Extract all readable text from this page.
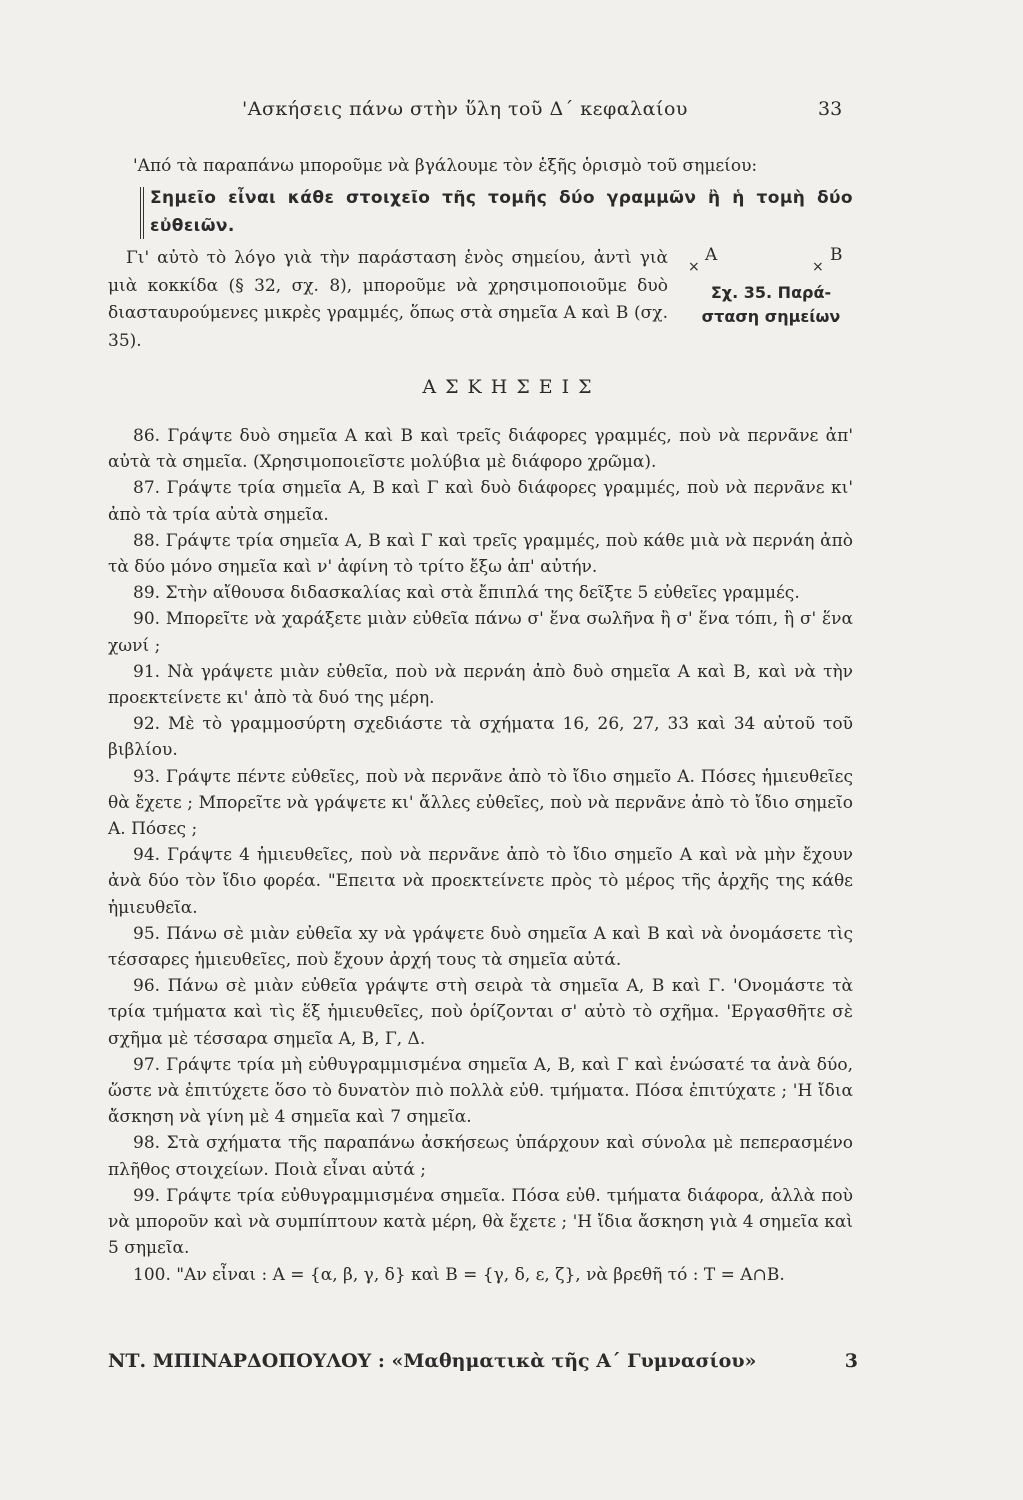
'Ασκήσεις πάνω στὴν ὕλη τοῦ Δ΄ κεφαλαίου	33
'Από τὰ παραπάνω μποροῦμε νὰ βγάλουμε τὸν ἑξῆς ὁρισμὸ τοῦ σημείου:
Σημεῖο εἶναι κάθε στοιχεῖο τῆς τομῆς δύο γραμμῶν ἢ ἡ τομὴ δύο εὐθειῶν.
Γι' αὐτὸ τὸ λόγο γιὰ τὴν παράσταση ἑνὸς σημείου, ἀντὶ γιὰ μιὰ κοκκίδα (§ 32, σχ. 8), μποροῦμε νὰ χρησιμοποιοῦμε δυὸ διασταυρούμενες μικρὲς γραμμές, ὅπως στὰ σημεῖα Α καὶ Β (σχ. 35).
×
Α
×
Β
Σχ. 35. Παρά-
σταση σημείων
ΑΣΚΗΣΕΙΣ

86. Γράψτε δυὸ σημεῖα Α καὶ Β καὶ τρεῖς διάφορες γραμμές, ποὺ νὰ περνᾶνε ἀπ' αὐτὰ τὰ σημεῖα. (Χρησιμοποιεῖστε μολύβια μὲ διάφορο χρῶμα).

87. Γράψτε τρία σημεῖα Α, Β καὶ Γ καὶ δυὸ διάφορες γραμμές, ποὺ νὰ περνᾶνε κι' ἀπὸ τὰ τρία αὐτὰ σημεῖα.

88. Γράψτε τρία σημεῖα Α, Β καὶ Γ καὶ τρεῖς γραμμές, ποὺ κάθε μιὰ νὰ περνάη ἀπὸ τὰ δύο μόνο σημεῖα καὶ ν' ἀφίνη τὸ τρίτο ἔξω ἀπ' αὐτήν.

89. Στὴν αἴθουσα διδασκαλίας καὶ στὰ ἔπιπλά της δεῖξτε 5 εὐθεῖες γραμμές.

90. Μπορεῖτε νὰ χαράξετε μιὰν εὐθεῖα πάνω σ' ἕνα σωλῆνα ἢ σ' ἕνα τόπι, ἢ σ' ἕνα χωνί ;

91. Νὰ γράψετε μιὰν εὐθεῖα, ποὺ νὰ περνάη ἀπὸ δυὸ σημεῖα Α καὶ Β, καὶ νὰ τὴν προεκτείνετε κι' ἀπὸ τὰ δυό της μέρη.

92. Μὲ τὸ γραμμοσύρτη σχεδιάστε τὰ σχήματα 16, 26, 27, 33 καὶ 34 αὐτοῦ τοῦ βιβλίου.

93. Γράψτε πέντε εὐθεῖες, ποὺ νὰ περνᾶνε ἀπὸ τὸ ἴδιο σημεῖο Α. Πόσες ἡμιευθεῖες θὰ ἔχετε ; Μπορεῖτε νὰ γράψετε κι' ἄλλες εὐθεῖες, ποὺ νὰ περνᾶνε ἀπὸ τὸ ἴδιο σημεῖο Α. Πόσες ;

94. Γράψτε 4 ἡμιευθεῖες, ποὺ νὰ περνᾶνε ἀπὸ τὸ ἴδιο σημεῖο Α καὶ νὰ μὴν ἔχουν ἀνὰ δύο τὸν ἴδιο φορέα. "Επειτα νὰ προεκτείνετε πρὸς τὸ μέρος τῆς ἀρχῆς της κάθε ἡμιευθεῖα.

95. Πάνω σὲ μιὰν εὐθεῖα xy νὰ γράψετε δυὸ σημεῖα Α καὶ Β καὶ νὰ ὀνομάσετε τὶς τέσσαρες ἡμιευθεῖες, ποὺ ἔχουν ἀρχή τους τὰ σημεῖα αὐτά.

96. Πάνω σὲ μιὰν εὐθεῖα γράψτε στὴ σειρὰ τὰ σημεῖα Α, Β καὶ Γ. 'Ονομάστε τὰ τρία τμήματα καὶ τὶς ἕξ ἡμιευθεῖες, ποὺ ὁρίζονται σ' αὐτὸ τὸ σχῆμα. 'Εργασθῆτε σὲ σχῆμα μὲ τέσσαρα σημεῖα Α, Β, Γ, Δ.

97. Γράψτε τρία μὴ εὐθυγραμμισμένα σημεῖα Α, Β, καὶ Γ καὶ ἑνώσατέ τα ἀνὰ δύο, ὥστε νὰ ἐπιτύχετε ὅσο τὸ δυνατὸν πιὸ πολλὰ εὐθ. τμήματα. Πόσα ἐπιτύχατε ; 'Η ἴδια ἄσκηση νὰ γίνη μὲ 4 σημεῖα καὶ 7 σημεῖα.

98. Στὰ σχήματα τῆς παραπάνω ἀσκήσεως ὑπάρχουν καὶ σύνολα μὲ πεπερασμένο πλῆθος στοιχείων. Ποιὰ εἶναι αὐτά ;

99. Γράψτε τρία εὐθυγραμμισμένα σημεῖα. Πόσα εὐθ. τμήματα διάφορα, ἀλλὰ ποὺ νὰ μποροῦν καὶ νὰ συμπίπτουν κατὰ μέρη, θὰ ἔχετε ; 'Η ἴδια ἄσκηση γιὰ 4 σημεῖα καὶ 5 σημεῖα.

100. "Αν εἶναι : Α = {α, β, γ, δ} καὶ Β = {γ, δ, ε, ζ}, νὰ βρεθῆ τό : Τ = Α∩Β.

ΝΤ. ΜΠΙΝΑΡΔΟΠΟΥΛΟΥ : «Μαθηματικὰ τῆς Α΄ Γυμνασίου»	3
